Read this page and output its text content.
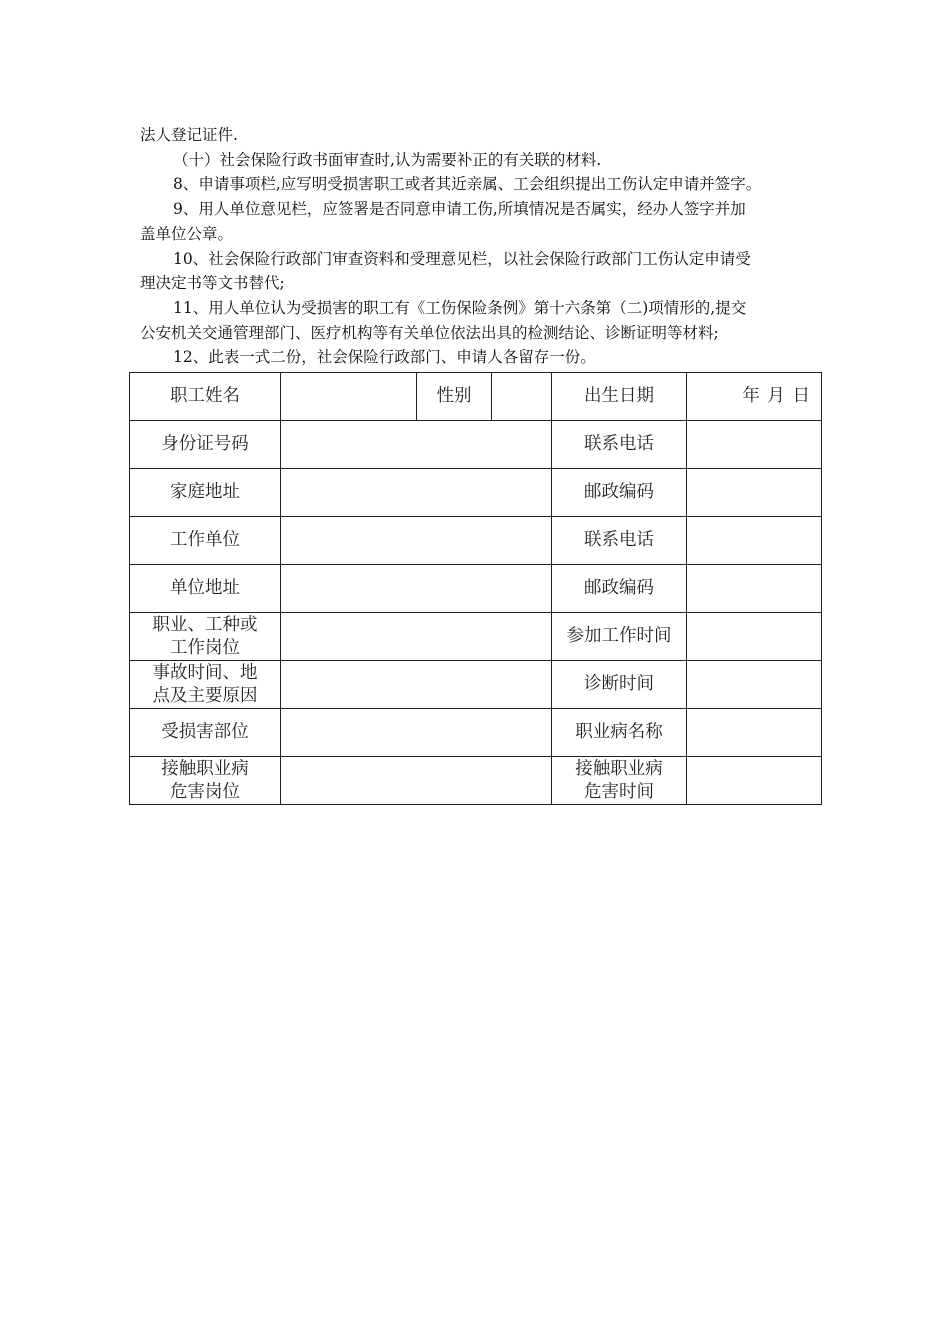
法人登记证件.

（十）社会保险行政书面审查时,认为需要补正的有关联的材料.

8、申请事项栏,应写明受损害职工或者其近亲属、工会组织提出工伤认定申请并签字。

9、用人单位意见栏，应签署是否同意申请工伤,所填情况是否属实，经办人签字并加

盖单位公章。

10、社会保险行政部门审查资料和受理意见栏，以社会保险行政部门工伤认定申请受

理决定书等文书替代;

11、用人单位认为受损害的职工有《工伤保险条例》第十六条第（二)项情形的,提交

公安机关交通管理部门、医疗机构等有关单位依法出具的检测结论、诊断证明等材料;

12、此表一式二份，社会保险行政部门、申请人各留存一份。

职工姓名		性别		出生日期	年 月 日
身份证号码				联系电话	
家庭地址				邮政编码	
工作单位				联系电话	
单位地址				邮政编码	

职业、工种或
工作岗位				参加工作时间	

事故时间、地
点及主要原因				诊断时间	
受损害部位				职业病名称	

接触职业病
危害岗位				接触职业病
危害时间	
